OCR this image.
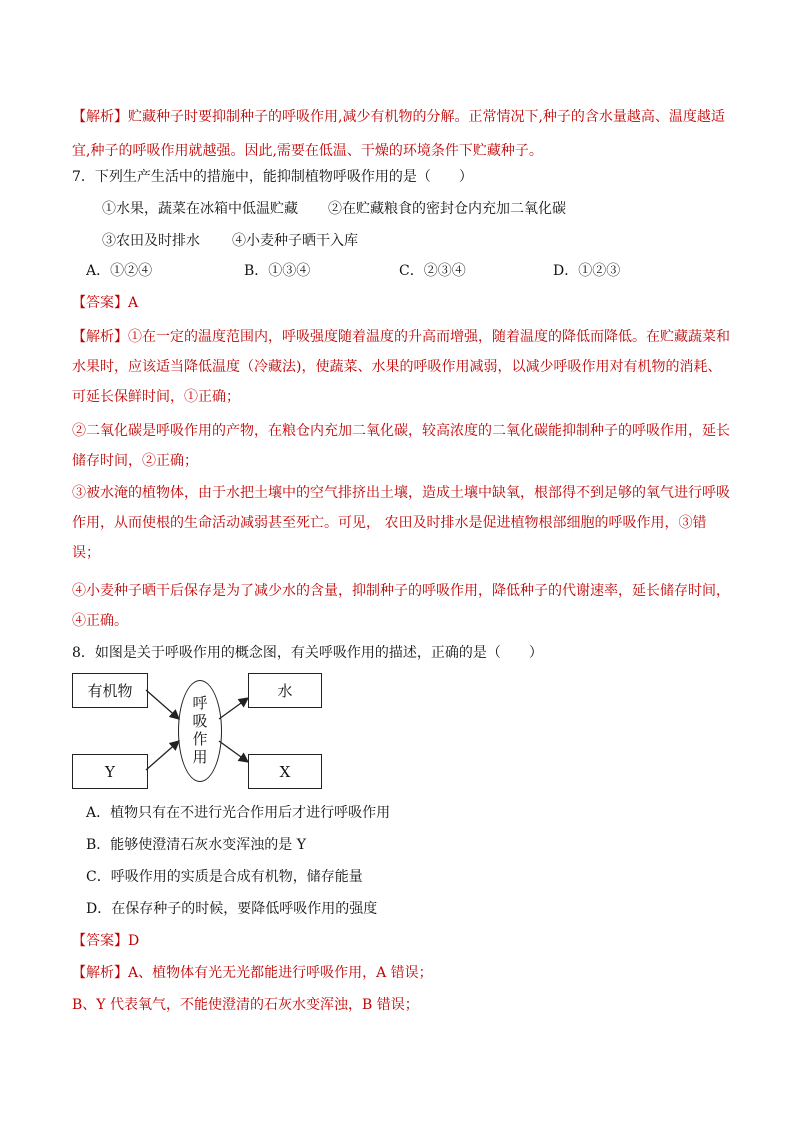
【解析】贮藏种子时要抑制种子的呼吸作用,减少有机物的分解。正常情况下,种子的含水量越高、温度越适宜,种子的呼吸作用就越强。因此,需要在低温、干燥的环境条件下贮藏种子。
7．下列生产生活中的措施中，能抑制植物呼吸作用的是（　　）
①水果，蔬菜在冰箱中低温贮藏 ②在贮藏粮食的密封仓内充加二氧化碳
③农田及时排水 ④小麦种子晒干入库
A．①②④	B．①③④	C．②③④	D．①②③
【答案】A
【解析】①在一定的温度范围内，呼吸强度随着温度的升高而增强，随着温度的降低而降低。在贮藏蔬菜和水果时，应该适当降低温度（冷藏法)，使蔬菜、水果的呼吸作用减弱，以减少呼吸作用对有机物的消耗、可延长保鲜时间，①正确；
②二氧化碳是呼吸作用的产物，在粮仓内充加二氧化碳，较高浓度的二氧化碳能抑制种子的呼吸作用，延长储存时间，②正确；
③被水淹的植物体，由于水把土壤中的空气排挤出土壤，造成土壤中缺氧，根部得不到足够的氧气进行呼吸作用，从而使根的生命活动减弱甚至死亡。可见， 农田及时排水是促进植物根部细胞的呼吸作用，③错误；
④小麦种子晒干后保存是为了减少水的含量，抑制种子的呼吸作用，降低种子的代谢速率，延长储存时间，④正确。
8．如图是关于呼吸作用的概念图，有关呼吸作用的描述，正确的是（　　）
有机物
Y
呼吸作用
水
X
A．植物只有在不进行光合作用后才进行呼吸作用
B．能够使澄清石灰水变浑浊的是 Y
C．呼吸作用的实质是合成有机物，储存能量
D．在保存种子的时候，要降低呼吸作用的强度
【答案】D
【解析】A、植物体有光无光都能进行呼吸作用，A 错误；
B、Y 代表氧气，不能使澄清的石灰水变浑浊，B 错误；
